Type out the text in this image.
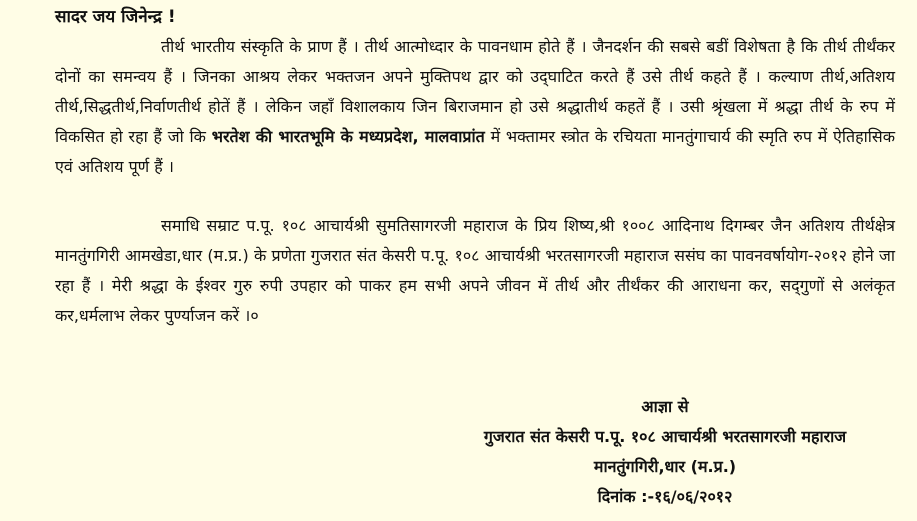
सादर जय जिनेन्द्र !

तीर्थ भारतीय संस्कृति के प्राण हैं । तीर्थ आत्मोध्दार के पावनधाम होते हैं । जैनदर्शन की सबसे बडीं विशेषता है कि तीर्थ तीर्थंकर दोनों का समन्वय हैं । जिनका आश्रय लेकर भक्तजन अपने मुक्तिपथ द्वार को उद्‌घाटित करते हैं उसे तीर्थ कहते हैं । कल्याण तीर्थ,अतिशय तीर्थ,सिद्धतीर्थ,निर्वाणतीर्थ होतें हैं । लेकिन जहाँ विशालकाय जिन बिराजमान हो उसे श्रद्धातीर्थ कहतें हैं । उसी श्रृंखला में श्रद्धा तीर्थ के रुप में विकसित हो रहा हैं जो कि भरतेश की भारतभूमि के मध्यप्रदेश, मालवाप्रांत में भक्तामर स्त्रोत के रचियता मानतुंगाचार्य की स्मृति रुप में ऐतिहासिक एवं अतिशय पूर्ण हैं ।

समाधि सम्राट प.पू. १०८ आचार्यश्री सुमतिसागरजी महाराज के प्रिय शिष्य,श्री १००८ आदिनाथ दिगम्बर जैन अतिशय तीर्थक्षेत्र मानतुंगगिरी आमखेडा,धार (म.प्र.) के प्रणेता गुजरात संत केसरी प.पू. १०८ आचार्यश्री भरतसागरजी महाराज ससंघ का पावनवर्षायोग-२०१२ होने जा रहा हैं । मेरी श्रद्धा के ईश्वर गुरु रुपी उपहार को पाकर हम सभी अपने जीवन में तीर्थ और तीर्थंकर की आराधना कर, सद्‌गुणों से अलंकृत कर,धर्मलाभ लेकर पुर्ण्याजन करें ।०

आज्ञा से
गुजरात संत केसरी प.पू. १०८ आचार्यश्री भरतसागरजी महाराज
मानतुंगगिरी,धार (म.प्र.)
दिनांक :-१६/०६/२०१२
